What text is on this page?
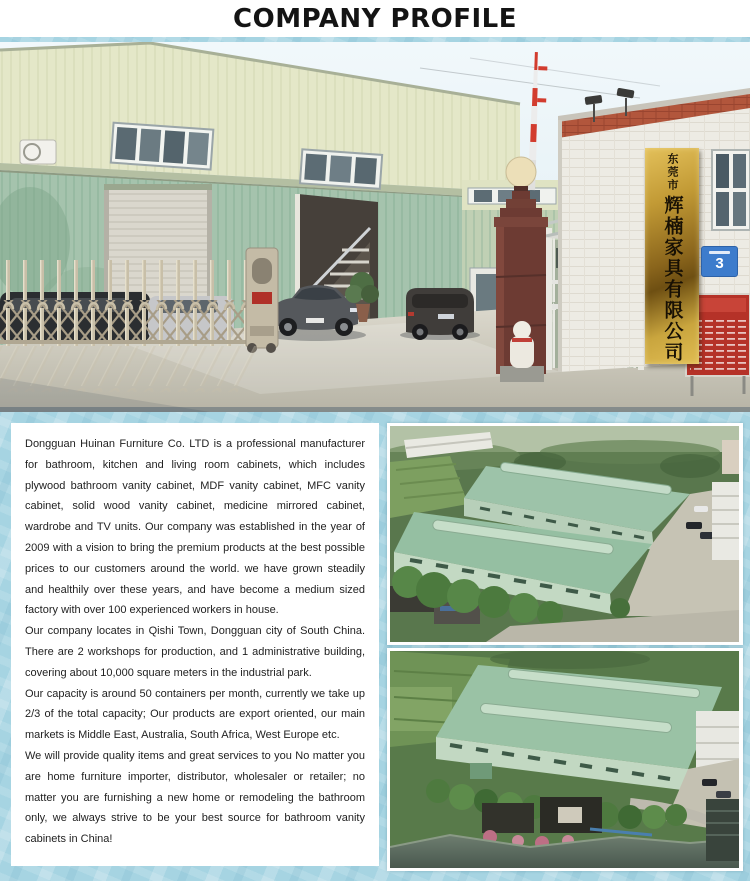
COMPANY PROFILE
东莞市
辉楠家具有限公司	3

Dongguan Huinan Furniture Co. LTD is a professional manufacturer for bathroom, kitchen and living room cabinets, which includes plywood bathroom vanity cabinet, MDF vanity cabinet, MFC vanity cabinet, solid wood vanity cabinet, medicine mirrored cabinet, wardrobe and TV units. Our company was established in the year of 2009 with a vision to bring the premium products at the best possible prices to our customers around the world. we have grown steadily and healthily over these years, and have become a medium sized factory with over 100 experienced workers in house.

Our company locates in Qishi Town, Dongguan city of South China. There are 2 workshops for production, and 1 administrative building, covering about 10,000 square meters in the industrial park.

Our capacity is around 50 containers per month, currently we take up 2/3 of the total capacity; Our products are export oriented, our main markets is Middle East, Australia, South Africa, West Europe etc.

We will provide quality items and great services to you No matter you are home furniture importer, distributor, wholesaler or retailer; no matter you are furnishing a new home or remodeling the bathroom only, we always strive to be your best source for bathroom vanity cabinets in China!
